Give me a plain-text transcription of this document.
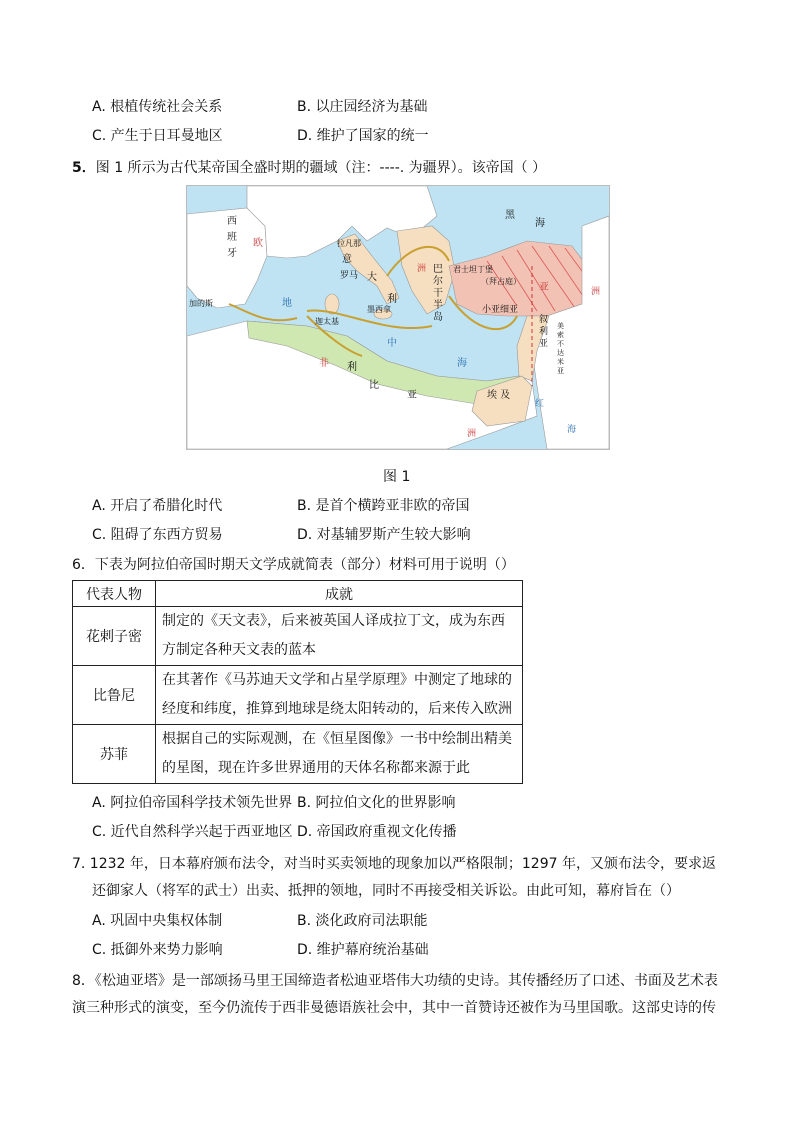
A. 根植传统社会关系	B. 以庄园经济为基础
C. 产生于日耳曼地区	D. 维护了国家的统一
5．图 1 所示为古代某帝国全盛时期的疆域（注：----. 为疆界）。该帝国（ ）
西
班
牙
欧
加的斯
拉凡那
意
罗马 大
利
巴
尔
干
半
岛
洲
黑
海
君士坦丁堡
（拜占庭）
小亚细亚
亚	洲
迦太基
墨西拿
地
中
海
叙
利
亚
美索不达米亚
非 利
比
亚	埃 及
红
海
洲
图 1
A. 开启了希腊化时代	B. 是首个横跨亚非欧的帝国
C. 阻碍了东西方贸易	D. 对基辅罗斯产生较大影响
6．下表为阿拉伯帝国时期天文学成就简表（部分）材料可用于说明（）
代表人物	成就
花剌子密	制定的《天文表》，后来被英国人译成拉丁文，成为东西
方制定各种天文表的蓝本

比鲁尼	在其著作《马苏迪天文学和占星学原理》中测定了地球的
经度和纬度，推算到地球是绕太阳转动的，后来传入欧洲

苏菲	根据自己的实际观测，在《恒星图像》一书中绘制出精美
的星图，现在许多世界通用的天体名称都来源于此
A. 阿拉伯帝国科学技术领先世界 B. 阿拉伯文化的世界影响
C. 近代自然科学兴起于西亚地区 D. 帝国政府重视文化传播
7. 1232 年，日本幕府颁布法令，对当时买卖领地的现象加以严格限制；1297 年，又颁布法令，要求返
还御家人（将军的武士）出卖、抵押的领地，同时不再接受相关诉讼。由此可知，幕府旨在（）
A. 巩固中央集权体制	B. 淡化政府司法职能
C. 抵御外来势力影响	D. 维护幕府统治基础
8．《松迪亚塔》是一部颂扬马里王国缔造者松迪亚塔伟大功绩的史诗。其传播经历了口述、书面及艺术表
演三种形式的演变，至今仍流传于西非曼德语族社会中，其中一首赞诗还被作为马里国歌。这部史诗的传
